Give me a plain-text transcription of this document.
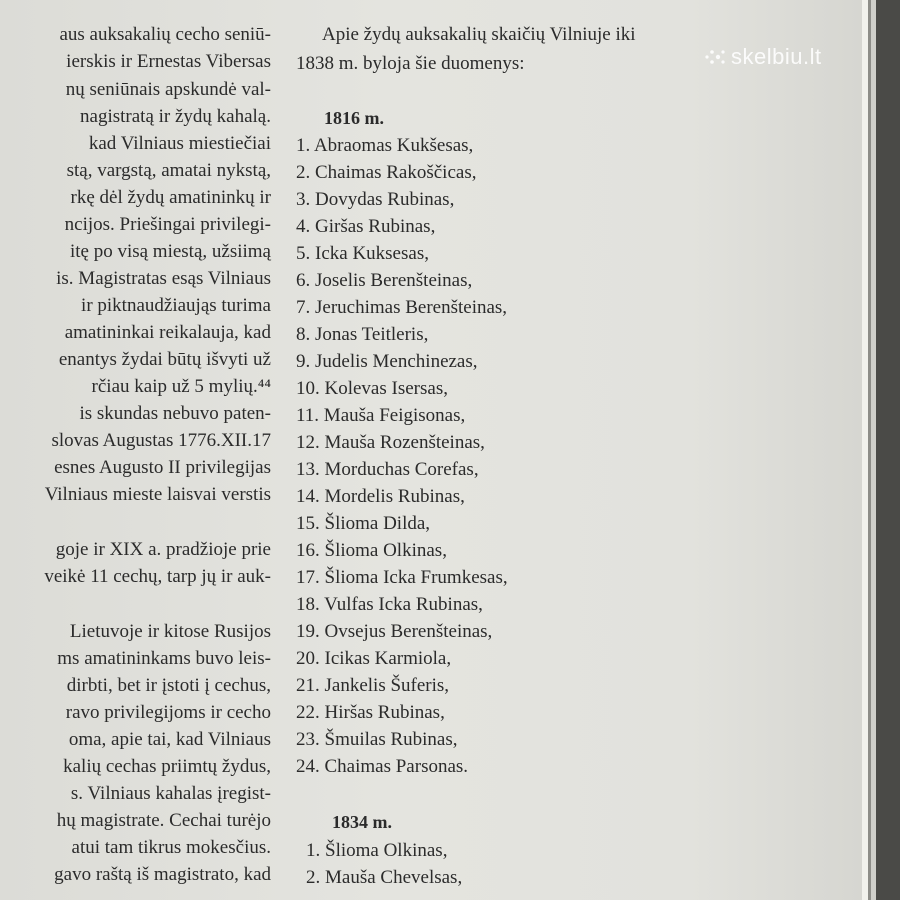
aus auksakalių cecho seniū-
ierskis ir Ernestas Vibersas
nų seniūnais apskundė val-
nagistratą ir žydų kahalą.
kad Vilniaus miestiečiai
stą, vargstą, amatai nykstą,
rkę dėl žydų amatininkų ir
ncijos. Priešingai privilegi-
itę po visą miestą, užsiimą
is. Magistratas esąs Vilniaus
ir piktnaudžiaująs turima
amatininkai reikalauja, kad
enantys žydai būtų išvyti už
rčiau kaip už 5 mylių.⁴⁴
is skundas nebuvo paten-
slovas Augustas 1776.XII.17
esnes Augusto II privilegijas
Vilniaus mieste laisvai verstis
goje ir XIX a. pradžioje prie
veikė 11 cechų, tarp jų ir auk-
Lietuvoje ir kitose Rusijos
ms amatininkams buvo leis-
dirbti, bet ir įstoti į cechus,
ravo privilegijoms ir cecho
oma, apie tai, kad Vilniaus
kalių cechas priimtų žydus,
s. Vilniaus kahalas įregist-
hų magistrate. Cechai turėjo
atui tam tikrus mokesčius.
gavo raštą iš magistrato, kad
Apie žydų auksakalių skaičių Vilniuje iki
1838 m. byloja šie duomenys:
1816 m.
1. Abraomas Kukšesas,
2. Chaimas Rakoščicas,
3. Dovydas Rubinas,
4. Giršas Rubinas,
5. Icka Kuksesas,
6. Joselis Berenšteinas,
7. Jeruchimas Berenšteinas,
8. Jonas Teitleris,
9. Judelis Menchinezas,
10. Kolevas Isersas,
11. Mauša Feigisonas,
12. Mauša Rozenšteinas,
13. Morduchas Corefas,
14. Mordelis Rubinas,
15. Šlioma Dilda,
16. Šlioma Olkinas,
17. Šlioma Icka Frumkesas,
18. Vulfas Icka Rubinas,
19. Ovsejus Berenšteinas,
20. Icikas Karmiola,
21. Jankelis Šuferis,
22. Hiršas Rubinas,
23. Šmuilas Rubinas,
24. Chaimas Parsonas.
1834 m.
1. Šlioma Olkinas,
2. Mauša Chevelsas,
skelbiu.lt
